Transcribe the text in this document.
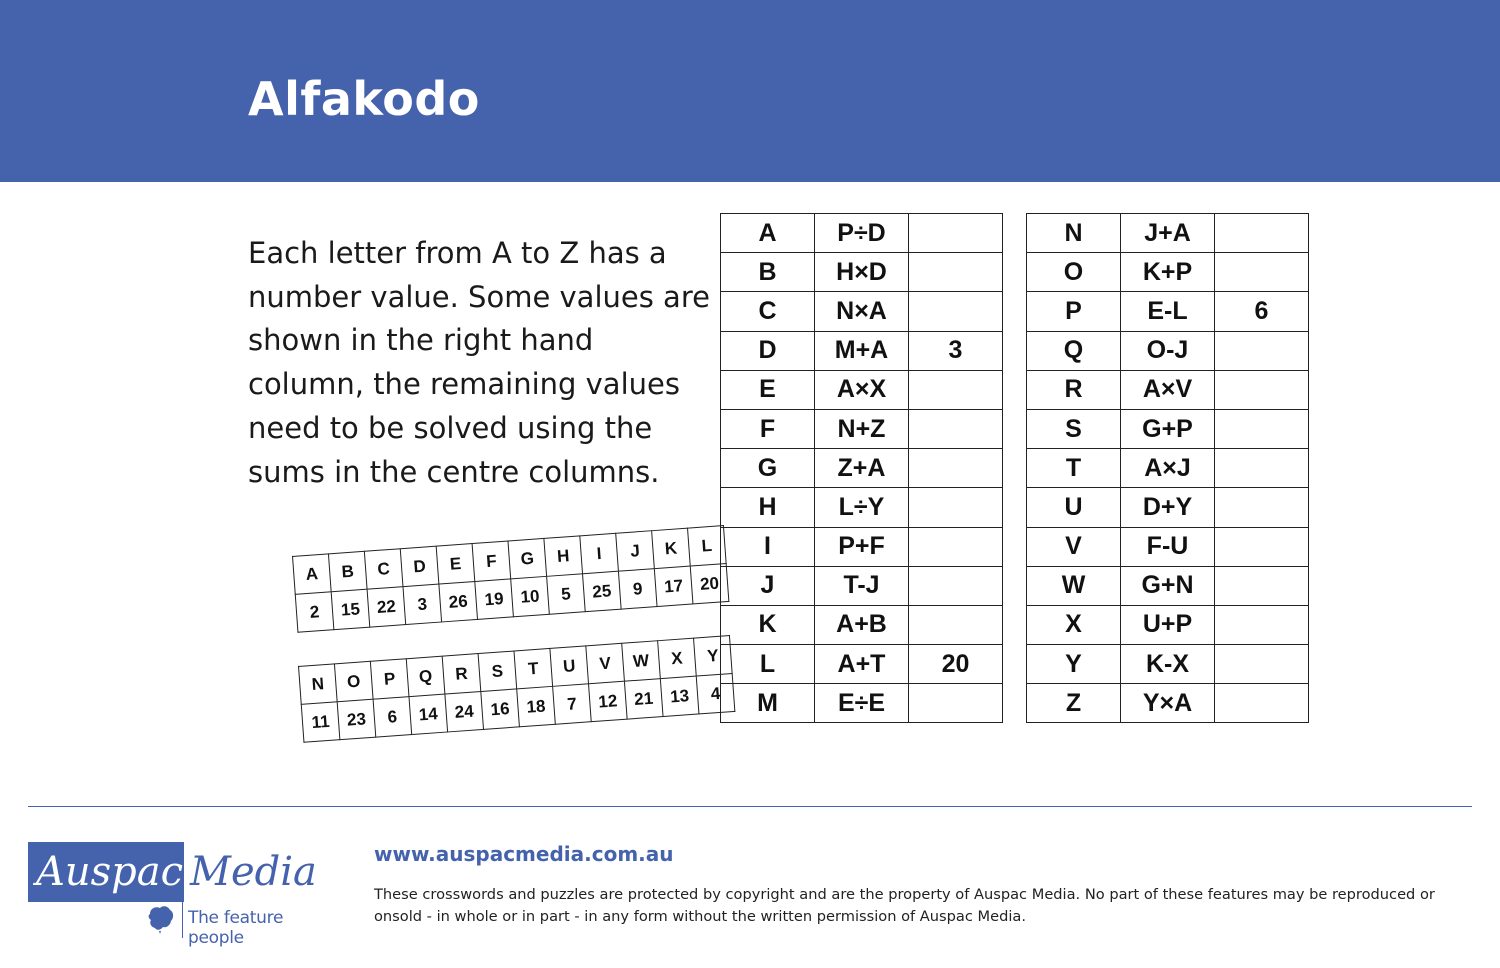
Alfakodo

Each letter from A to Z has a number value. Some values are shown in the right hand column, the remaining values need to be solved using the sums in the centre columns.

A	P÷D	
B	H×D	
C	N×A	
D	M+A	3
E	A×X	
F	N+Z	
G	Z+A	
H	L÷Y	
I	P+F	
J	T-J	
K	A+B	
L	A+T	20
M	E÷E	
N	J+A	
O	K+P	
P	E-L	6
Q	O-J	
R	A×V	
S	G+P	
T	A×J	
U	D+Y	
V	F-U	
W	G+N	
X	U+P	
Y	K-X	
Z	Y×A	
A	B	C	D	E	F	G	H	I	J	K	L
2	15	22	3	26	19	10	5	25	9	17	20
N	O	P	Q	R	S	T	U	V	W	X	Y
11	23	6	14	24	16	18	7	12	21	13	4
Auspac Media
The feature people

www.auspacmedia.com.au

These crosswords and puzzles are protected by copyright and are the property of Auspac Media. No part of these features may be reproduced or onsold - in whole or in part - in any form without the written permission of Auspac Media.
